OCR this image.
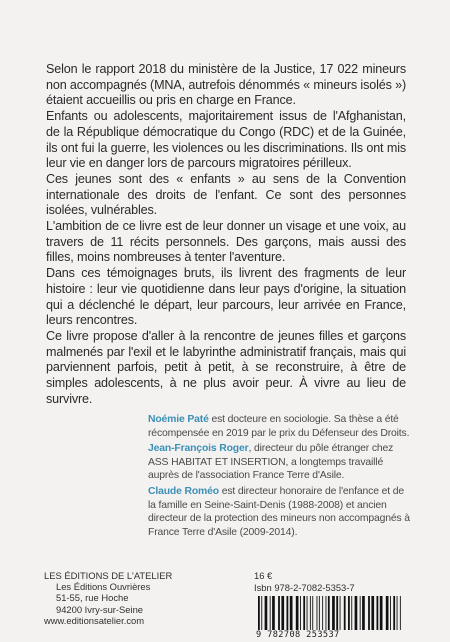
Selon le rapport 2018 du ministère de la Justice, 17 022 mineurs non accompagnés (MNA, autrefois dénommés « mineurs isolés ») étaient accueillis ou pris en charge en France.

Enfants ou adolescents, majoritairement issus de l'Afghanistan, de la République démocratique du Congo (RDC) et de la Guinée, ils ont fui la guerre, les violences ou les discriminations. Ils ont mis leur vie en danger lors de parcours migratoires périlleux.

Ces jeunes sont des « enfants » au sens de la Convention internationale des droits de l'enfant. Ce sont des personnes isolées, vulnérables.

L'ambition de ce livre est de leur donner un visage et une voix, au travers de 11 récits personnels. Des garçons, mais aussi des filles, moins nombreuses à tenter l'aventure.

Dans ces témoignages bruts, ils livrent des fragments de leur histoire : leur vie quotidienne dans leur pays d'origine, la situation qui a déclenché le départ, leur parcours, leur arrivée en France, leurs rencontres.

Ce livre propose d'aller à la rencontre de jeunes filles et garçons malmenés par l'exil et le labyrinthe administratif français, mais qui parviennent parfois, petit à petit, à se reconstruire, à être de simples adolescents, à ne plus avoir peur. À vivre au lieu de survivre.

Noémie Paté est docteure en sociologie. Sa thèse a été récompensée en 2019 par le prix du Défenseur des Droits.

Jean-François Roger, directeur du pôle étranger chez ASS HABITAT ET INSERTION, a longtemps travaillé auprès de l'association France Terre d'Asile.

Claude Roméo est directeur honoraire de l'enfance et de la famille en Seine-Saint-Denis (1988-2008) et ancien directeur de la protection des mineurs non accompagnés à France Terre d'Asile (2009-2014).

LES ÉDITIONS DE L'ATELIER

Les Éditions Ouvrières

51-55, rue Hoche

94200 Ivry-sur-Seine

www.editionsatelier.com

16 €
Isbn 978-2-7082-5353-7
9 782708 253537
